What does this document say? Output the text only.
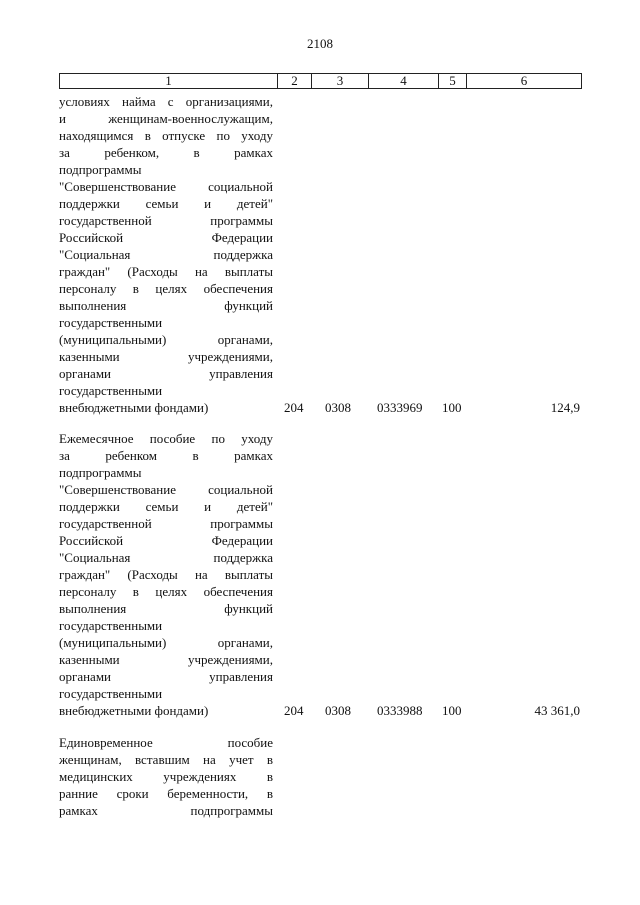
2108
1	2	3	4	5	6
условиях найма с организациями,
и женщинам-военнослужащим,
находящимся в отпуске по уходу
за ребенком, в рамках
подпрограммы
"Совершенствование социальной
поддержки семьи и детей"
государственной программы
Российской Федерации
"Социальная поддержка
граждан" (Расходы на выплаты
персоналу в целях обеспечения
выполнения функций
государственными
(муниципальными) органами,
казенными учреждениями,
органами управления
государственными
внебюджетными фондами)	204 0308 0333969 100	124,9
Ежемесячное пособие по уходу
за ребенком в рамках
подпрограммы
"Совершенствование социальной
поддержки семьи и детей"
государственной программы
Российской Федерации
"Социальная поддержка
граждан" (Расходы на выплаты
персоналу в целях обеспечения
выполнения функций
государственными
(муниципальными) органами,
казенными учреждениями,
органами управления
государственными
внебюджетными фондами)	204 0308 0333988 100	43 361,0
Единовременное пособие
женщинам, вставшим на учет в
медицинских учреждениях в
ранние сроки беременности, в
рамках подпрограммы
